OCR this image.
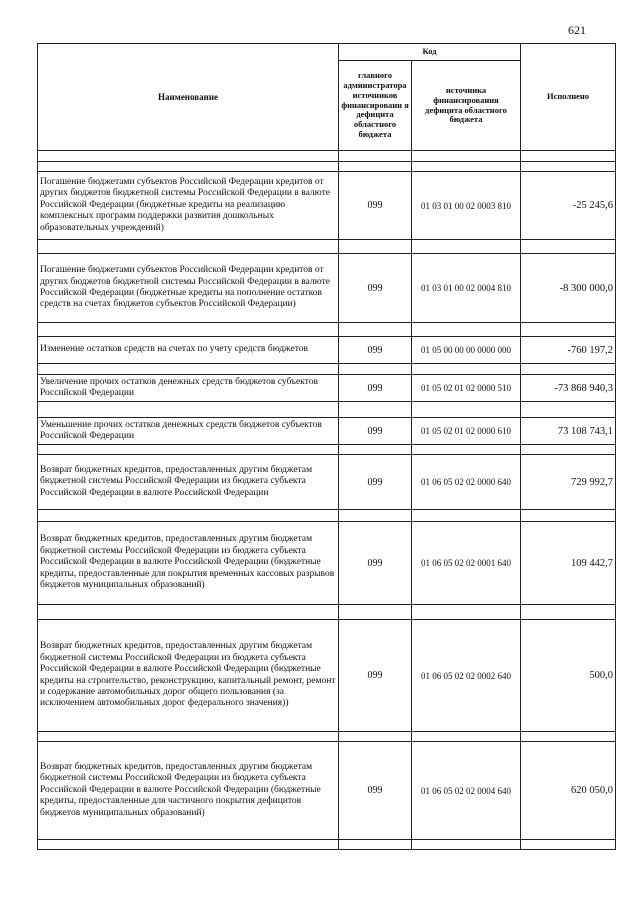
621
Наименование	Код		Исполнено
	главного администратора источников финансировани я дефицита областного бюджета	источника финансирования дефицита областного бюджета	

Погашение бюджетами субъектов Российской Федерации кредитов от других бюджетов бюджетной системы Российской Федерации в валюте Российской Федерации (бюджетные кредиты на реализацию комплексных программ поддержки развития дошкольных образовательных учреждений)	099	01 03 01 00 02 0003 810	-25 245,6

Погашение бюджетами субъектов Российской Федерации кредитов от других бюджетов бюджетной системы Российской Федерации в валюте Российской Федерации (бюджетные кредиты на пополнение остатков средств на счетах бюджетов субъектов Российской Федерации)	099	01 03 01 00 02 0004 810	-8 300 000,0

Изменение остатков средств на счетах по учету средств бюджетов	099	01 05 00 00 00 0000 000	-760 197,2

Увеличение прочих остатков денежных средств бюджетов субъектов Российской Федерации	099	01 05 02 01 02 0000 510	-73 868 940,3

Уменьшение прочих остатков денежных средств бюджетов субъектов Российской Федерации	099	01 05 02 01 02 0000 610	73 108 743,1

Возврат бюджетных кредитов, предоставленных другим бюджетам бюджетной системы Российской Федерации из бюджета субъекта Российской Федерации в валюте Российской Федерации	099	01 06 05 02 02 0000 640	729 992,7

Возврат бюджетных кредитов, предоставленных другим бюджетам бюджетной системы Российской Федерации из бюджета субъекта Российской Федерации в валюте Российской Федерации (бюджетные кредиты, предоставленные для покрытия временных кассовых разрывов бюджетов муниципальных образований)	099	01 06 05 02 02 0001 640	109 442,7

Возврат бюджетных кредитов, предоставленных другим бюджетам бюджетной системы Российской Федерации из бюджета субъекта Российской Федерации в валюте Российской Федерации (бюджетные кредиты на строительство, реконструкцию, капитальный ремонт, ремонт и содержание автомобильных дорог общего пользования (за исключением автомобильных дорог федерального значения))	099	01 06 05 02 02 0002 640	500,0

Возврат бюджетных кредитов, предоставленных другим бюджетам бюджетной системы Российской Федерации из бюджета субъекта Российской Федерации в валюте Российской Федерации (бюджетные кредиты, предоставленные для частичного покрытия дефицитов бюджетов муниципальных образований)	099	01 06 05 02 02 0004 640	620 050,0
